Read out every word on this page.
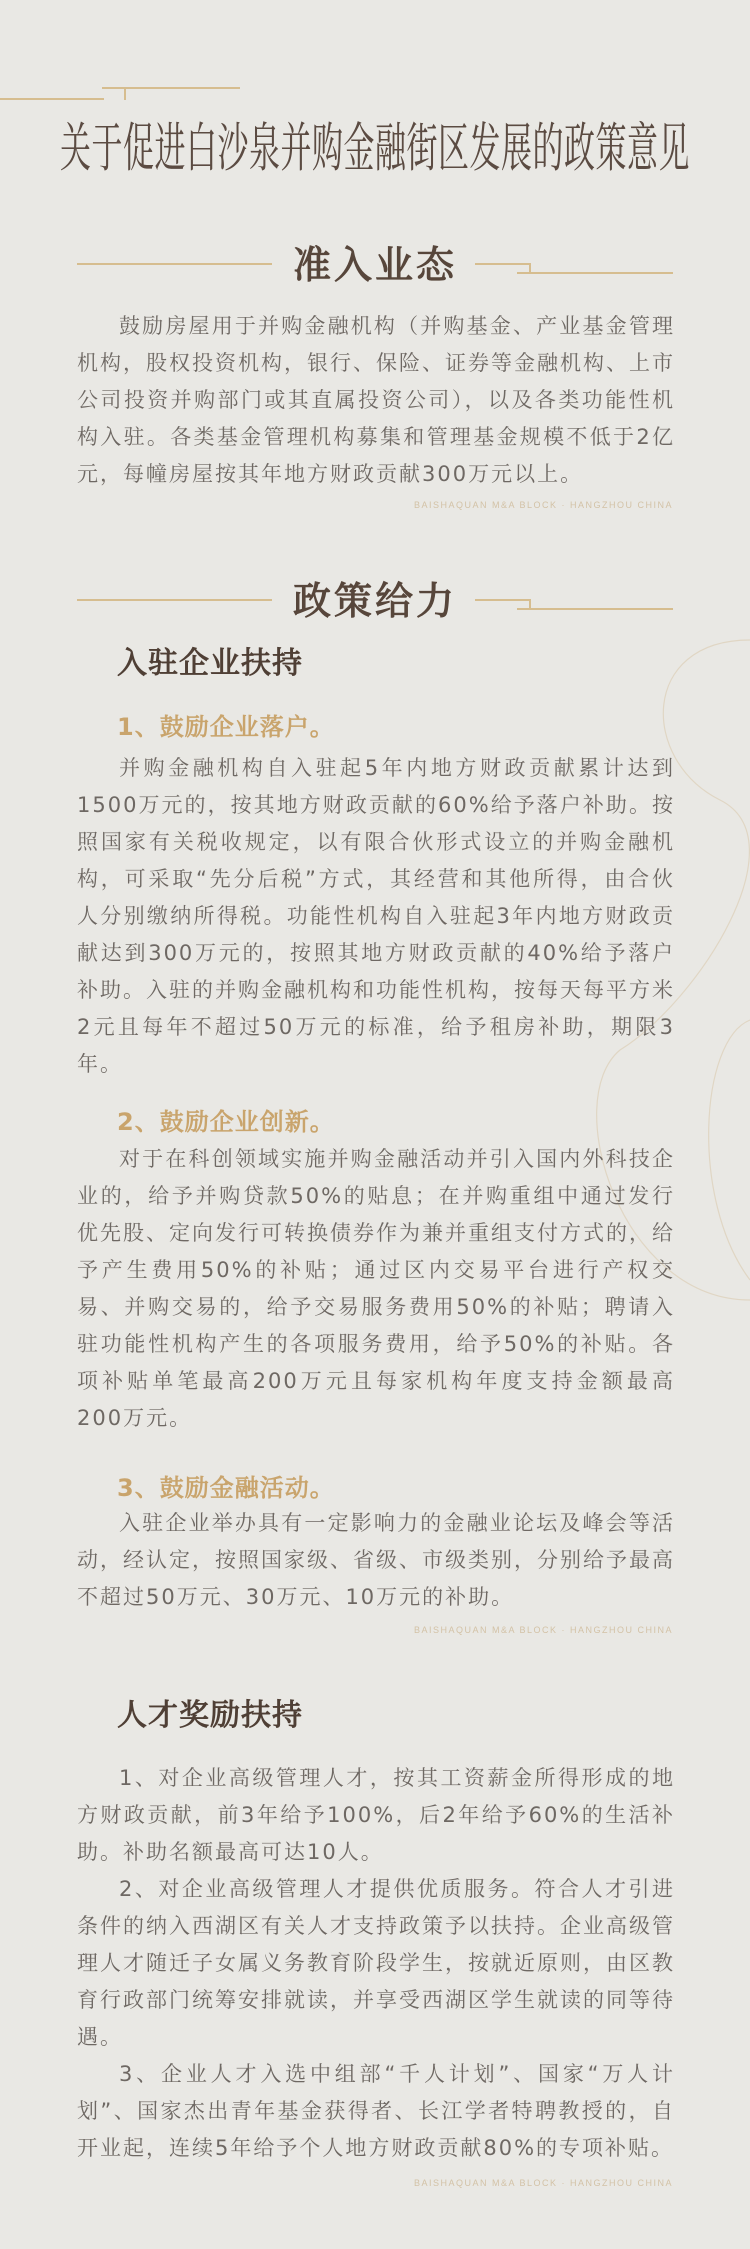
关于促进白沙泉并购金融街区发展的政策意见
准入业态
鼓励房屋用于并购金融机构（并购基金、产业基金管理机构，股权投资机构，银行、保险、证券等金融机构、上市公司投资并购部门或其直属投资公司），以及各类功能性机构入驻。各类基金管理机构募集和管理基金规模不低于2亿元，每幢房屋按其年地方财政贡献300万元以上。
BAISHAQUAN M&A BLOCK · HANGZHOU CHINA
政策给力
入驻企业扶持
1、鼓励企业落户。
并购金融机构自入驻起5年内地方财政贡献累计达到1500万元的，按其地方财政贡献的60%给予落户补助。按照国家有关税收规定，以有限合伙形式设立的并购金融机构，可采取“先分后税”方式，其经营和其他所得，由合伙人分别缴纳所得税。功能性机构自入驻起3年内地方财政贡献达到300万元的，按照其地方财政贡献的40%给予落户补助。入驻的并购金融机构和功能性机构，按每天每平方米2元且每年不超过50万元的标准，给予租房补助，期限3年。
2、鼓励企业创新。
对于在科创领域实施并购金融活动并引入国内外科技企业的，给予并购贷款50%的贴息；在并购重组中通过发行优先股、定向发行可转换债券作为兼并重组支付方式的，给予产生费用50%的补贴；通过区内交易平台进行产权交易、并购交易的，给予交易服务费用50%的补贴；聘请入驻功能性机构产生的各项服务费用，给予50%的补贴。各项补贴单笔最高200万元且每家机构年度支持金额最高200万元。
3、鼓励金融活动。
入驻企业举办具有一定影响力的金融业论坛及峰会等活动，经认定，按照国家级、省级、市级类别，分别给予最高不超过50万元、30万元、10万元的补助。
BAISHAQUAN M&A BLOCK · HANGZHOU CHINA
人才奖励扶持
1、对企业高级管理人才，按其工资薪金所得形成的地方财政贡献，前3年给予100%，后2年给予60%的生活补助。补助名额最高可达10人。
2、对企业高级管理人才提供优质服务。符合人才引进条件的纳入西湖区有关人才支持政策予以扶持。企业高级管理人才随迁子女属义务教育阶段学生，按就近原则，由区教育行政部门统筹安排就读，并享受西湖区学生就读的同等待遇。
3、企业人才入选中组部“千人计划”、国家“万人计划”、国家杰出青年基金获得者、长江学者特聘教授的，自开业起，连续5年给予个人地方财政贡献80%的专项补贴。
BAISHAQUAN M&A BLOCK · HANGZHOU CHINA
